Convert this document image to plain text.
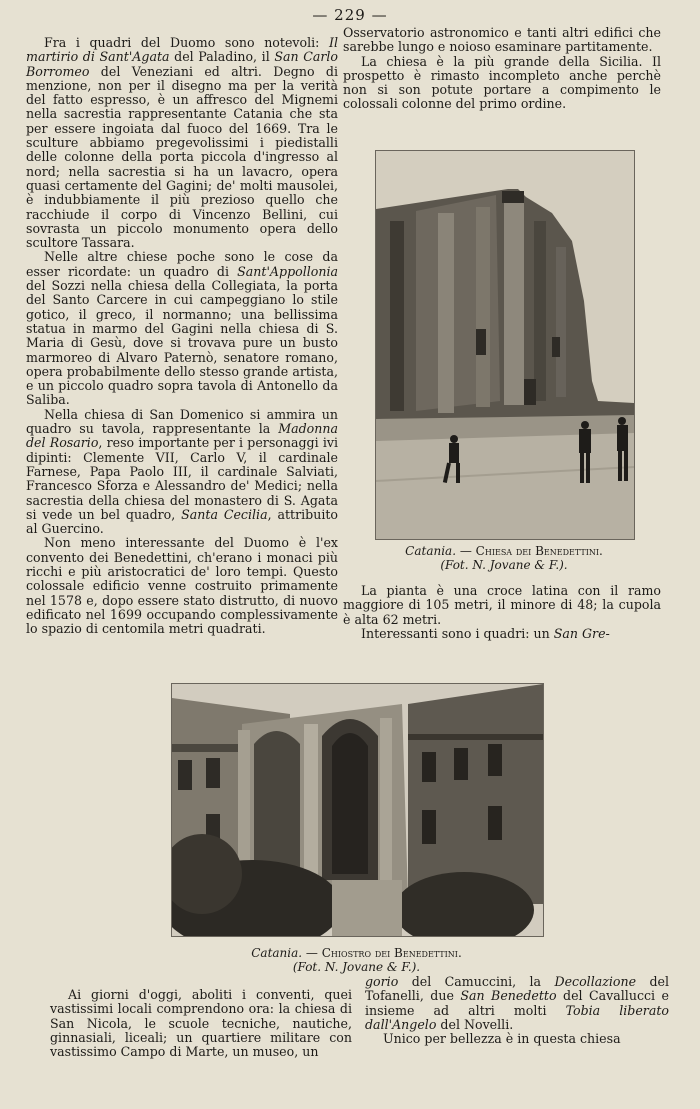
— 229 —

Fra i quadri del Duomo sono notevoli: Il martirio di Sant'Agata del Paladino, il San Carlo Borromeo del Veneziani ed altri. Degno di menzione, non per il disegno ma per la verità del fatto espresso, è un affresco del Mignemi nella sacrestia rappresentante Catania che sta per essere ingoiata dal fuoco del 1669. Tra le sculture abbiamo pregevolissimi i piedistalli delle colonne della porta piccola d'ingresso al nord; nella sacrestia si ha un lavacro, opera quasi certamente del Gagini; de' molti mausolei, è indubbiamente il più prezioso quello che racchiude il corpo di Vincenzo Bellini, cui sovrasta un piccolo monumento opera dello scultore Tassara.

Nelle altre chiese poche sono le cose da esser ricordate: un quadro di Sant'Appollonia del Sozzi nella chiesa della Collegiata, la porta del Santo Carcere in cui campeggiano lo stile gotico, il greco, il normanno; una bellissima statua in marmo del Gagini nella chiesa di S. Maria di Gesù, dove si trovava pure un busto marmoreo di Alvaro Paternò, senatore romano, opera probabilmente dello stesso grande artista, e un piccolo quadro sopra tavola di Antonello da Saliba.

Nella chiesa di San Domenico si ammira un quadro su tavola, rappresentante la Madonna del Rosario, reso importante per i personaggi ivi dipinti: Clemente VII, Carlo V, il cardinale Farnese, Papa Paolo III, il cardinale Salviati, Francesco Sforza e Alessandro de' Medici; nella sacrestia della chiesa del monastero di S. Agata si vede un bel quadro, Santa Cecilia, attribuito al Guercino.

Non meno interessante del Duomo è l'ex convento dei Benedettini, ch'erano i monaci più ricchi e più aristocratici de' loro tempi. Questo colossale edificio venne costruito primamente nel 1578 e, dopo essere stato distrutto, di nuovo edificato nel 1699 occupando complessivamente lo spazio di centomila metri quadrati.

Osservatorio astronomico e tanti altri edifici che sarebbe lungo e noioso esaminare partitamente.

La chiesa è la più grande della Sicilia. Il prospetto è rimasto incompleto anche perchè non si son potute portare a compimento le colossali colonne del primo ordine.

Catania. — Chiesa dei Benedettini.
(Fot. N. Jovane & F.).

La pianta è una croce latina con il ramo maggiore di 105 metri, il minore di 48; la cupola è alta 62 metri.

Interessanti sono i quadri: un San Gre-

Catania. — Chiostro dei Benedettini.
(Fot. N. Jovane & F.).

Ai giorni d'oggi, aboliti i conventi, quei vastissimi locali comprendono ora: la chiesa di San Nicola, le scuole tecniche, nautiche, ginnasiali, liceali; un quartiere militare con vastissimo Campo di Marte, un museo, un

gorio del Camuccini, la Decollazione del Tofanelli, due San Benedetto del Cavallucci e insieme ad altri molti Tobia liberato dall'Angelo del Novelli.

Unico per bellezza è in questa chiesa
